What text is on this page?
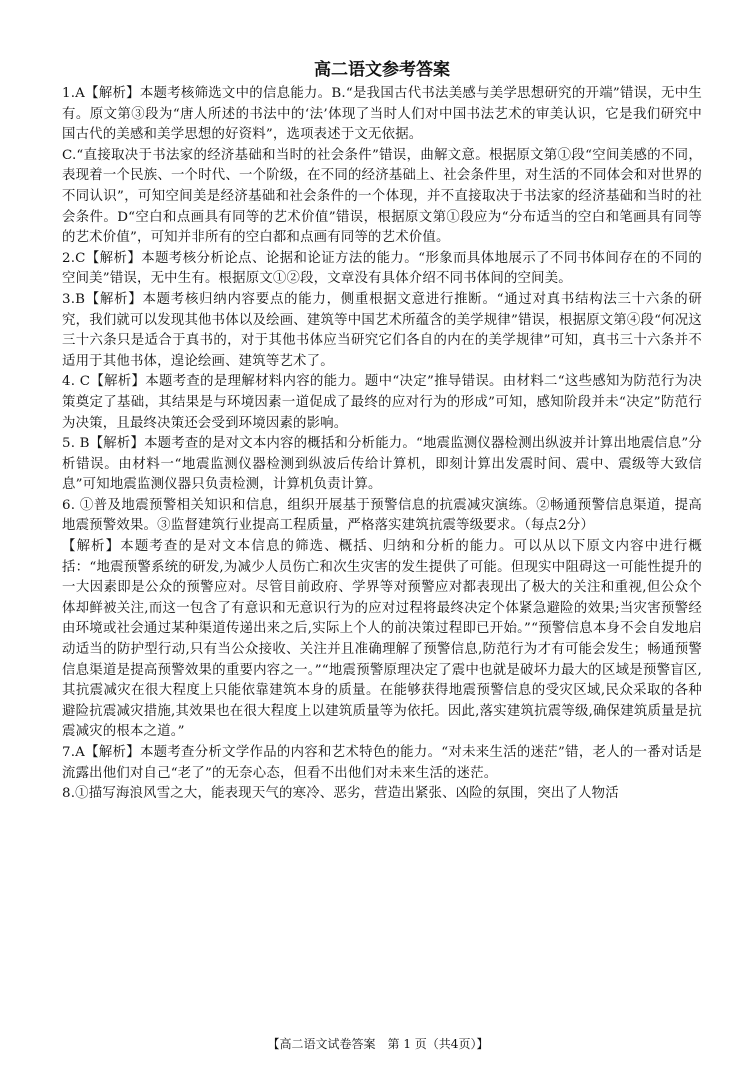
高二语文参考答案

1.A【解析】本题考核筛选文中的信息能力。B.“是我国古代书法美感与美学思想研究的开端”错误，无中生有。原文第③段为“唐人所述的书法中的‘法’体现了当时人们对中国书法艺术的审美认识，它是我们研究中国古代的美感和美学思想的好资料”，选项表述于文无依据。

C.“直接取决于书法家的经济基础和当时的社会条件”错误，曲解文意。根据原文第①段“空间美感的不同，表现着一个民族、一个时代、一个阶级，在不同的经济基础上、社会条件里，对生活的不同体会和对世界的不同认识”，可知空间美是经济基础和社会条件的一个体现，并不直接取决于书法家的经济基础和当时的社会条件。D“空白和点画具有同等的艺术价值”错误，根据原文第①段应为“分布适当的空白和笔画具有同等的艺术价值”，可知并非所有的空白都和点画有同等的艺术价值。

2.C【解析】本题考核分析论点、论据和论证方法的能力。“形象而具体地展示了不同书体间存在的不同的空间美”错误，无中生有。根据原文①②段，文章没有具体介绍不同书体间的空间美。

3.B【解析】本题考核归纳内容要点的能力，侧重根据文意进行推断。“通过对真书结构法三十六条的研究，我们就可以发现其他书体以及绘画、建筑等中国艺术所蕴含的美学规律”错误，根据原文第④段“何况这三十六条只是适合于真书的，对于其他书体应当研究它们各自的内在的美学规律”可知，真书三十六条并不适用于其他书体，遑论绘画、建筑等艺术了。

4. C【解析】本题考查的是理解材料内容的能力。题中“决定”推导错误。由材料二“这些感知为防范行为决策奠定了基础，其结果是与环境因素一道促成了最终的应对行为的形成”可知，感知阶段并未“决定”防范行为决策，且最终决策还会受到环境因素的影响。

5. B【解析】本题考查的是对文本内容的概括和分析能力。“地震监测仪器检测出纵波并计算出地震信息”分析错误。由材料一“地震监测仪器检测到纵波后传给计算机，即刻计算出发震时间、震中、震级等大致信息”可知地震监测仪器只负责检测，计算机负责计算。

6. ①普及地震预警相关知识和信息，组织开展基于预警信息的抗震减灾演练。②畅通预警信息渠道，提高地震预警效果。③监督建筑行业提高工程质量，严格落实建筑抗震等级要求。（每点2分）

【解析】本题考查的是对文本信息的筛选、概括、归纳和分析的能力。可以从以下原文内容中进行概括：“地震预警系统的研发,为减少人员伤亡和次生灾害的发生提供了可能。但现实中阻碍这一可能性提升的一大因素即是公众的预警应对。尽管目前政府、学界等对预警应对都表现出了极大的关注和重视,但公众个体却鲜被关注,而这一包含了有意识和无意识行为的应对过程将最终决定个体紧急避险的效果;当灾害预警经由环境或社会通过某种渠道传递出来之后,实际上个人的前决策过程即已开始。”“预警信息本身不会自发地启动适当的防护型行动,只有当公众接收、关注并且准确理解了预警信息,防范行为才有可能会发生；畅通预警信息渠道是提高预警效果的重要内容之一。”“地震预警原理决定了震中也就是破坏力最大的区域是预警盲区,其抗震减灾在很大程度上只能依靠建筑本身的质量。在能够获得地震预警信息的受灾区域,民众采取的各种避险抗震减灾措施,其效果也在很大程度上以建筑质量等为依托。因此,落实建筑抗震等级,确保建筑质量是抗震减灾的根本之道。”

7.A【解析】本题考查分析文学作品的内容和艺术特色的能力。“对未来生活的迷茫”错，老人的一番对话是流露出他们对自己“老了”的无奈心态，但看不出他们对未来生活的迷茫。

8.①描写海浪风雪之大，能表现天气的寒冷、恶劣，营造出紧张、凶险的氛围，突出了人物活

【高二语文试卷答案　第 1 页（共4页）】
